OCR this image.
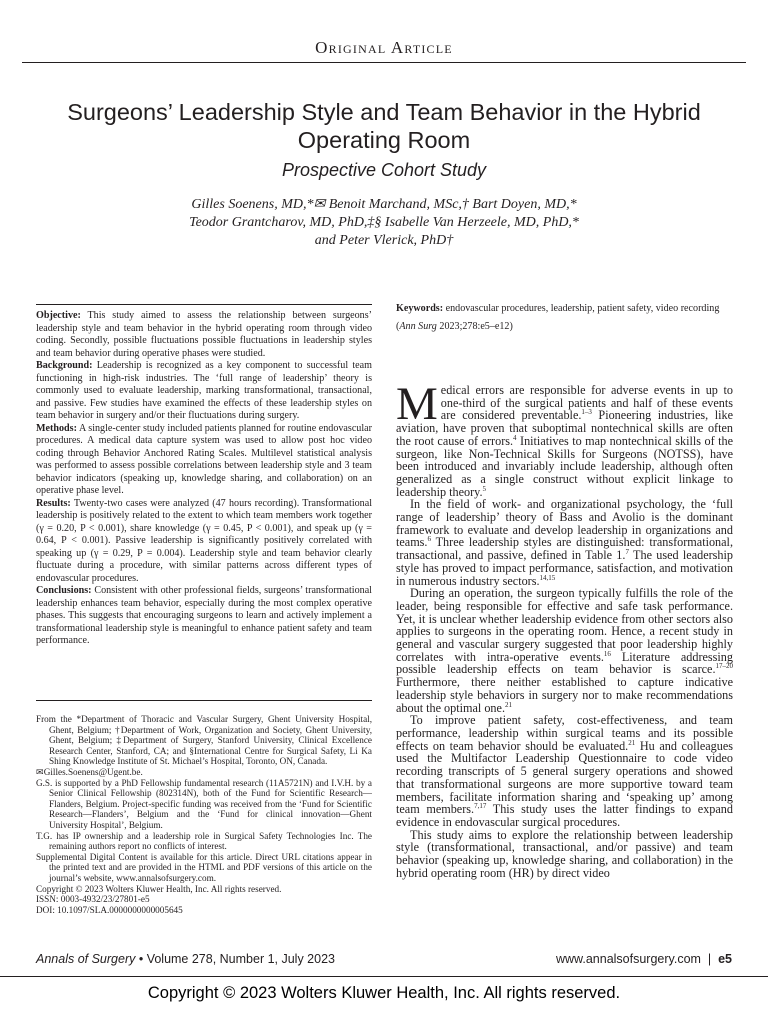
Original Article
Surgeons’ Leadership Style and Team Behavior in the Hybrid Operating Room
Prospective Cohort Study

Gilles Soenens, MD,*✉ Benoit Marchand, MSc,† Bart Doyen, MD,*

Teodor Grantcharov, MD, PhD,‡§ Isabelle Van Herzeele, MD, PhD,*

and Peter Vlerick, PhD†

Objective: This study aimed to assess the relationship between surgeons’ leadership style and team behavior in the hybrid operating room through video coding. Secondly, possible fluctuations possible fluctuations in leadership styles and team behavior during operative phases were studied.

Background: Leadership is recognized as a key component to successful team functioning in high-risk industries. The ‘full range of leadership’ theory is commonly used to evaluate leadership, marking transformational, transactional, and passive. Few studies have examined the effects of these leadership styles on team behavior in surgery and/or their fluctuations during surgery.

Methods: A single-center study included patients planned for routine endovascular procedures. A medical data capture system was used to allow post hoc video coding through Behavior Anchored Rating Scales. Multilevel statistical analysis was performed to assess possible correlations between leadership style and 3 team behavior indicators (speaking up, knowledge sharing, and collaboration) on an operative phase level.

Results: Twenty-two cases were analyzed (47 hours recording). Transformational leadership is positively related to the extent to which team members work together (γ = 0.20, P < 0.001), share knowledge (γ = 0.45, P < 0.001), and speak up (γ = 0.64, P < 0.001). Passive leadership is significantly positively correlated with speaking up (γ = 0.29, P = 0.004). Leadership style and team behavior clearly fluctuate during a procedure, with similar patterns across different types of endovascular procedures.

Conclusions: Consistent with other professional fields, surgeons’ transformational leadership enhances team behavior, especially during the most complex operative phases. This suggests that encouraging surgeons to learn and actively implement a transformational leadership style is meaningful to enhance patient safety and team performance.

From the *Department of Thoracic and Vascular Surgery, Ghent University Hospital, Ghent, Belgium; †Department of Work, Organization and Society, Ghent University, Ghent, Belgium; ‡Department of Surgery, Stanford University, Clinical Excellence Research Center, Stanford, CA; and §International Centre for Surgical Safety, Li Ka Shing Knowledge Institute of St. Michael’s Hospital, Toronto, ON, Canada.

✉Gilles.Soenens@Ugent.be.

G.S. is supported by a PhD Fellowship fundamental research (11A5721N) and I.V.H. by a Senior Clinical Fellowship (802314N), both of the Fund for Scientific Research—Flanders, Belgium. Project-specific funding was received from the ‘Fund for Scientific Research—Flanders’, Belgium and the ‘Fund for clinical innovation—Ghent University Hospital’, Belgium.

T.G. has IP ownership and a leadership role in Surgical Safety Technologies Inc. The remaining authors report no conflicts of interest.

Supplemental Digital Content is available for this article. Direct URL citations appear in the printed text and are provided in the HTML and PDF versions of this article on the journal’s website, www.annalsofsurgery.com.

Copyright © 2023 Wolters Kluwer Health, Inc. All rights reserved.

ISSN: 0003-4932/23/27801-e5

DOI: 10.1097/SLA.0000000000005645

Keywords: endovascular procedures, leadership, patient safety, video recording

(Ann Surg 2023;278:e5–e12)

Medical errors are responsible for adverse events in up to one-third of the surgical patients and half of these events are considered preventable.$^{1-3}$ Pioneering industries, like aviation, have proven that suboptimal nontechnical skills are often the root cause of errors.$^4$ Initiatives to map nontechnical skills of the surgeon, like Non-Technical Skills for Surgeons (NOTSS), have been introduced and invariably include leadership, although often generalized as a single construct without explicit linkage to leadership theory.$^5$

In the field of work- and organizational psychology, the ‘full range of leadership’ theory of Bass and Avolio is the dominant framework to evaluate and develop leadership in organizations and teams.$^6$ Three leadership styles are distinguished: transformational, transactional, and passive, defined in Table 1.$^7$ The used leadership style has proved to impact performance, satisfaction, and motivation in numerous industry sectors.$^{14,15}$

During an operation, the surgeon typically fulfills the role of the leader, being responsible for effective and safe task performance. Yet, it is unclear whether leadership evidence from other sectors also applies to surgeons in the operating room. Hence, a recent study in general and vascular surgery suggested that poor leadership highly correlates with intra-operative events.$^{16}$ Literature addressing possible leadership effects on team behavior is scarce.$^{17-20}$ Furthermore, there neither established to capture indicative leadership style behaviors in surgery nor to make recommendations about the optimal one.$^{21}$

To improve patient safety, cost-effectiveness, and team performance, leadership within surgical teams and its possible effects on team behavior should be evaluated.$^{21}$ Hu and colleagues used the Multifactor Leadership Questionnaire to code video recording transcripts of 5 general surgery operations and showed that transformational surgeons are more supportive toward team members, facilitate information sharing and ‘speaking up’ among team members.$^{7,17}$ This study uses the latter findings to expand evidence in endovascular surgical procedures.

This study aims to explore the relationship between leadership style (transformational, transactional, and/or passive) and team behavior (speaking up, knowledge sharing, and collaboration) in the hybrid operating room (HR) by direct video

Annals of Surgery • Volume 278, Number 1, July 2023	www.annalsofsurgery.com  |  e5
Copyright © 2023 Wolters Kluwer Health, Inc. All rights reserved.
